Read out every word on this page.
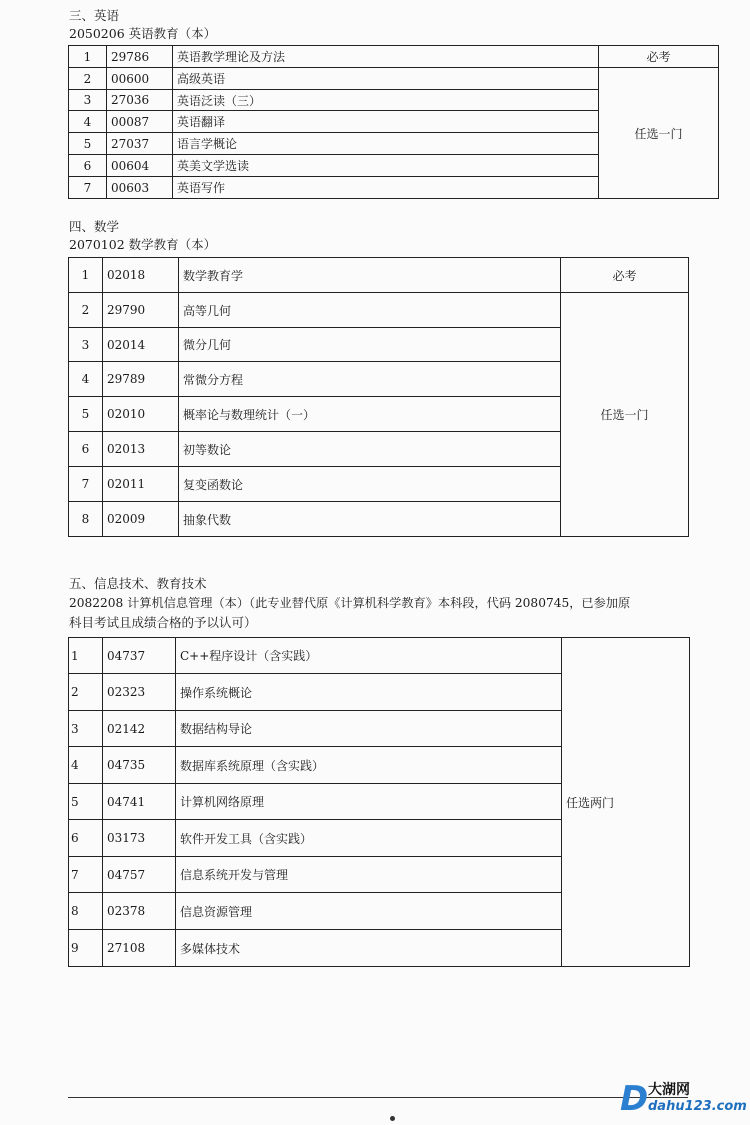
三、英语
2050206 英语教育（本）
1	29786	英语教学理论及方法	必考
2	00600	高级英语	任选一门
3	27036	英语泛读（三）	
4	00087	英语翻译	
5	27037	语言学概论	
6	00604	英美文学选读	
7	00603	英语写作	
四、数学
2070102 数学教育（本）
1	02018	数学教育学	必考
2	29790	高等几何	任选一门
3	02014	微分几何	
4	29789	常微分方程	
5	02010	概率论与数理统计（一）	
6	02013	初等数论	
7	02011	复变函数论	
8	02009	抽象代数	
五、信息技术、教育技术
2082208 计算机信息管理（本）（此专业替代原《计算机科学教育》本科段，代码 2080745，已参加原
科目考试且成绩合格的予以认可）
1	04737	C++程序设计（含实践）	任选两门
2	02323	操作系统概论	
3	02142	数据结构导论	
4	04735	数据库系统原理（含实践）	
5	04741	计算机网络原理	
6	03173	软件开发工具（含实践）	
7	04757	信息系统开发与管理	
8	02378	信息资源管理	
9	27108	多媒体技术	
D 大湖网
dahu123.com
